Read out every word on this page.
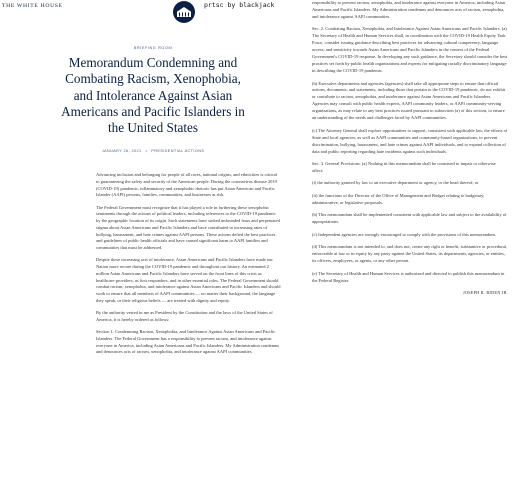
THE WHITE HOUSE	prtsc by blackjack
BRIEFING ROOM
Memorandum Condemning and Combating Racism, Xenophobia, and Intolerance Against Asian Americans and Pacific Islanders in the United States
JANUARY 26, 2021 • PRESIDENTIAL ACTIONS

Advancing inclusion and belonging for people of all races, national origins, and ethnicities is critical to guaranteeing the safety and security of the American people. During the coronavirus disease 2019 (COVID-19) pandemic, inflammatory and xenophobic rhetoric has put Asian American and Pacific Islander (AAPI) persons, families, communities, and businesses at risk.

The Federal Government must recognize that it has played a role in furthering these xenophobic sentiments through the actions of political leaders, including references to the COVID-19 pandemic by the geographic location of its origin. Such statements have stoked unfounded fears and perpetuated stigma about Asian Americans and Pacific Islanders and have contributed to increasing rates of bullying, harassment, and hate crimes against AAPI persons. These actions defied the best practices and guidelines of public health officials and have caused significant harm to AAPI families and communities that must be addressed.

Despite these increasing acts of intolerance, Asian Americans and Pacific Islanders have made our Nation more secure during the COVID-19 pandemic and throughout our history. An estimated 2 million Asian Americans and Pacific Islanders have served on the front lines of this crisis as healthcare providers, as first responders, and in other essential roles. The Federal Government should combat racism, xenophobia, and intolerance against Asian Americans and Pacific Islanders and should work to ensure that all members of AAPI communities — no matter their background, the language they speak, or their religious beliefs — are treated with dignity and equity.

By the authority vested in me as President by the Constitution and the laws of the United States of America, it is hereby ordered as follows:

Section 1. Condemning Racism, Xenophobia, and Intolerance Against Asian Americans and Pacific Islanders. The Federal Government has a responsibility to prevent racism, and intolerance against everyone in America, including Asian Americans and Pacific Islanders. My Administration condemns and denounces acts of racism, xenophobia, and intolerance against AAPI communities.

responsibility to prevent racism, xenophobia, and intolerance against everyone in America, including Asian Americans and Pacific Islanders. My Administration condemns and denounces acts of racism, xenophobia, and intolerance against AAPI communities.

Sec. 2. Combating Racism, Xenophobia, and Intolerance Against Asian Americans and Pacific Islanders. (a) The Secretary of Health and Human Services shall, in coordination with the COVID-19 Health Equity Task Force, consider issuing guidance describing best practices for advancing cultural competency, language access, and sensitivity towards Asian Americans and Pacific Islanders in the context of the Federal Government's COVID-19 response. In developing any such guidance, the Secretary should consider the best practices set forth by public health organizations and experts for mitigating racially discriminatory language in describing the COVID-19 pandemic.

(b) Executive departments and agencies (agencies) shall take all appropriate steps to ensure that official actions, documents, and statements, including those that pertain to the COVID-19 pandemic, do not exhibit or contribute to racism, xenophobia, and intolerance against Asian Americans and Pacific Islanders. Agencies may consult with public health experts, AAPI community leaders, or AAPI community-serving organizations, as may relate to any best practices issued pursuant to subsection (a) of this section, to ensure an understanding of the needs and challenges faced by AAPI communities.

(c) The Attorney General shall explore opportunities to support, consistent with applicable law, the efforts of State and local agencies, as well as AAPI communities and community-based organizations, to prevent discrimination, bullying, harassment, and hate crimes against AAPI individuals, and to expand collection of data and public reporting regarding hate incidents against such individuals.

Sec. 3. General Provisions. (a) Nothing in this memorandum shall be construed to impair or otherwise affect:

(i) the authority granted by law to an executive department or agency, or the head thereof; or

(ii) the functions of the Director of the Office of Management and Budget relating to budgetary, administrative, or legislative proposals.

(b) This memorandum shall be implemented consistent with applicable law and subject to the availability of appropriations.

(c) Independent agencies are strongly encouraged to comply with the provisions of this memorandum.

(d) This memorandum is not intended to, and does not, create any right or benefit, substantive or procedural, enforceable at law or in equity by any party against the United States, its departments, agencies, or entities, its officers, employees, or agents, or any other person.

(e) The Secretary of Health and Human Services is authorized and directed to publish this memorandum in the Federal Register.

JOSEPH R. BIDEN JR.
